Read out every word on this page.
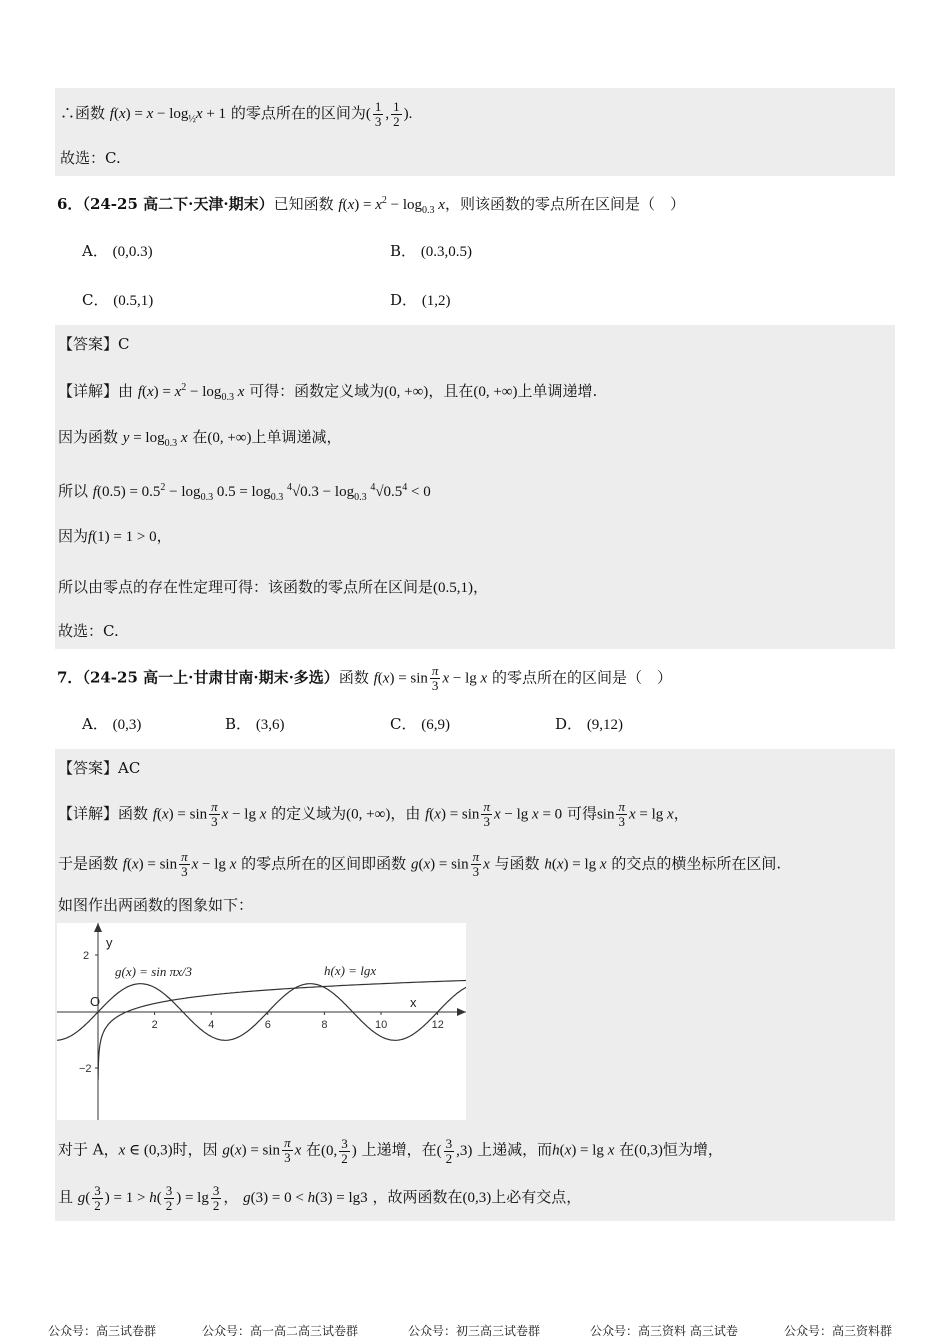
∴函数 $f(x) = x - \log_{\frac{1}{2}}x + 1$ 的零点所在的区间为( $\frac{1}{3}$ , $\frac{1}{2}$ ).
故选：C.
6．（24-25 高二下·天津·期末）已知函数 $f(x) = x^2 - \log_{0.3} x$，则该函数的零点所在区间是（　）
A． (0,0.3)	B． (0.3,0.5)
C． (0.5,1)	D． (1,2)
【答案】C
【详解】由 $f(x) = x^2 - \log_{0.3} x$ 可得：函数定义域为(0, +∞)，且在(0, +∞)上单调递增.
因为函数 $y = \log_{0.3} x$ 在(0, +∞)上单调递减，
所以 $f(0.5) = 0.5^2 - \log_{0.3} 0.5 = \log_{0.3} ^4√0.3 - \log_{0.3} ^4√0.5^4 < 0$
因为f(1) = 1 > 0，
所以由零点的存在性定理可得：该函数的零点所在区间是(0.5,1)，
故选：C.
7．（24-25 高一上·甘肃甘南·期末·多选）函数 $f(x) = \sin \frac{\pi}{3}$ x − lg x 的零点所在的区间是（　）
A． (0,3)	B． (3,6)	C． (6,9)	D． (9,12)
【答案】AC
【详解】函数 $f(x) = \sin \frac{\pi}{3}$ x − lg x 的定义域为(0, +∞)，由 $f(x) = \sin \frac{\pi}{3}$ x − lg x = 0 可得$\sin \frac{\pi}{3}$ x = lg x，
于是函数 $f(x) = \sin \frac{\pi}{3}$ x − lg x 的零点所在的区间即函数 $g(x) = \sin \frac{\pi}{3}$ x 与函数 h(x) = lg x 的交点的横坐标所在区间.
如图作出两函数的图象如下：
2
−2
2	4	6	8	10	12
y
x
O
g(x) = sin πx/3	h(x) = lgx
对于 A，x ∈ (0,3)时，因 $g(x) = \sin \frac{\pi}{3}$ x 在(0, $\frac{3}{2}$ ) 上递增，在( $\frac{3}{2} ,3$) 上递减，而h(x) = lg x 在(0,3)恒为增，
且 $g( \frac{3}{2}$ ) = $1 > h( \frac{3}{2}$ ) = $\lg \frac{3}{2}$ ， g(3) = 0 < h(3) = lg3 ，故两函数在(0,3)上必有交点，
公众号：高三试卷群	公众号：高一高二高三试卷群	公众号：初三高三试卷群	公众号：高三资料 高三试卷	公众号：高三资料群
